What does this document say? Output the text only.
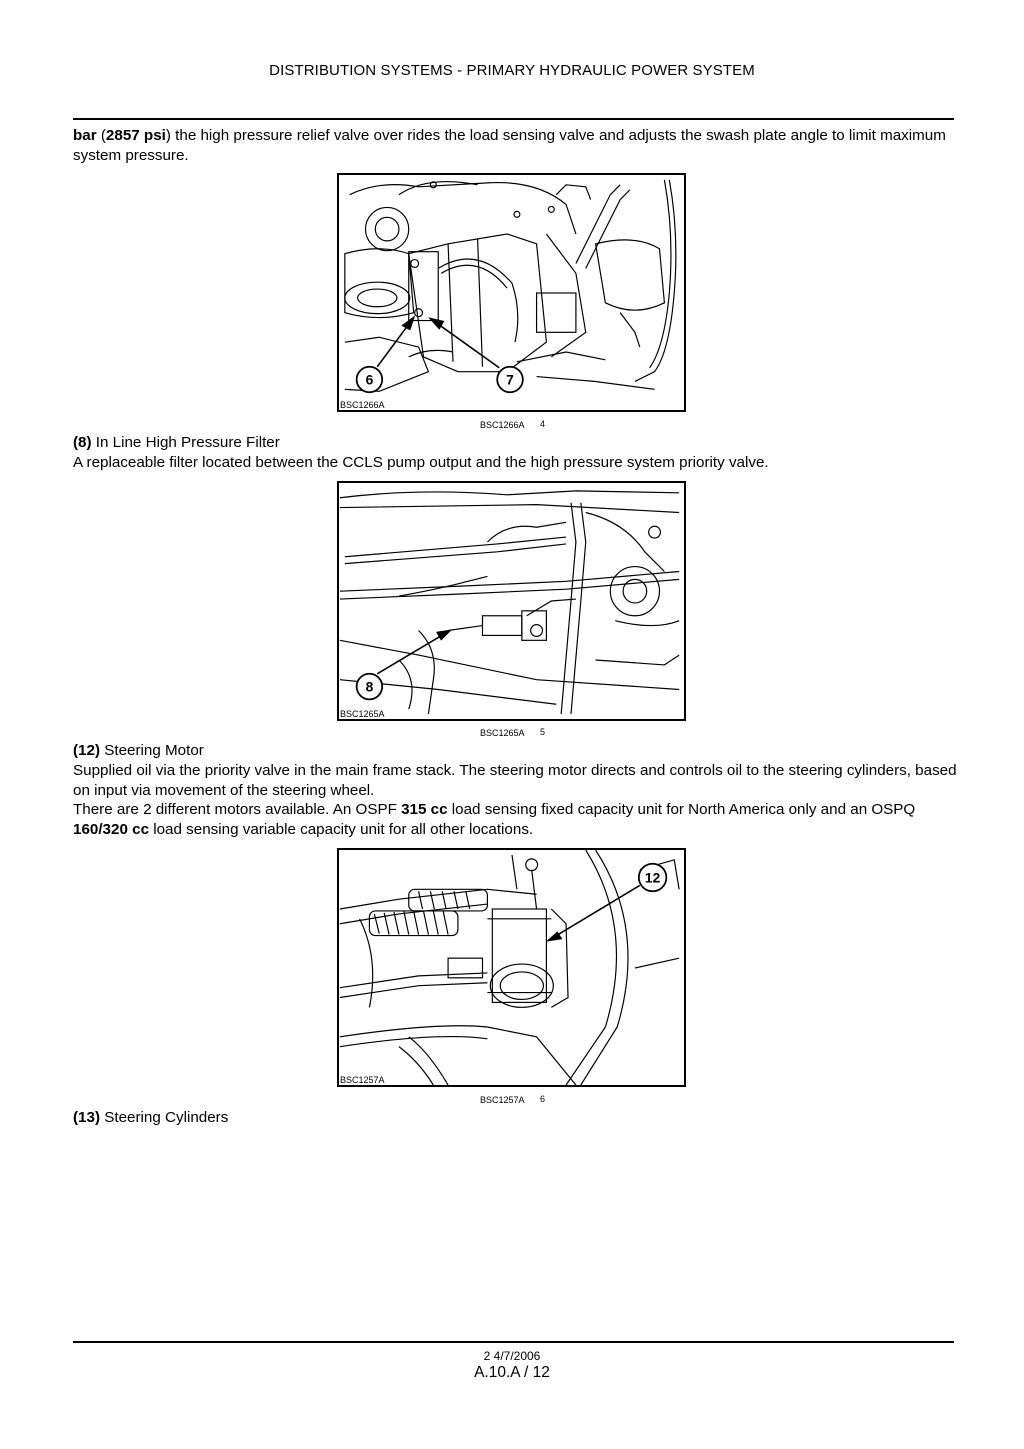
DISTRIBUTION SYSTEMS - PRIMARY HYDRAULIC POWER SYSTEM
bar (2857 psi) the high pressure relief valve over rides the load sensing valve and adjusts the swash plate angle to limit maximum system pressure.
6	7
BSC1266A
BSC1266A 4
(8) In Line High Pressure Filter
A replaceable filter located between the CCLS pump output and the high pressure system priority valve.
8
BSC1265A
BSC1265A 5
(12) Steering Motor
Supplied oil via the priority valve in the main frame stack. The steering motor directs and controls oil to the steering cylinders, based on input via movement of the steering wheel.
There are 2 different motors available. An OSPF 315 cc load sensing fixed capacity unit for North America only and an OSPQ 160/320 cc load sensing variable capacity unit for all other locations.
12
BSC1257A
BSC1257A 6
(13) Steering Cylinders
2 4/7/2006
A.10.A / 12
